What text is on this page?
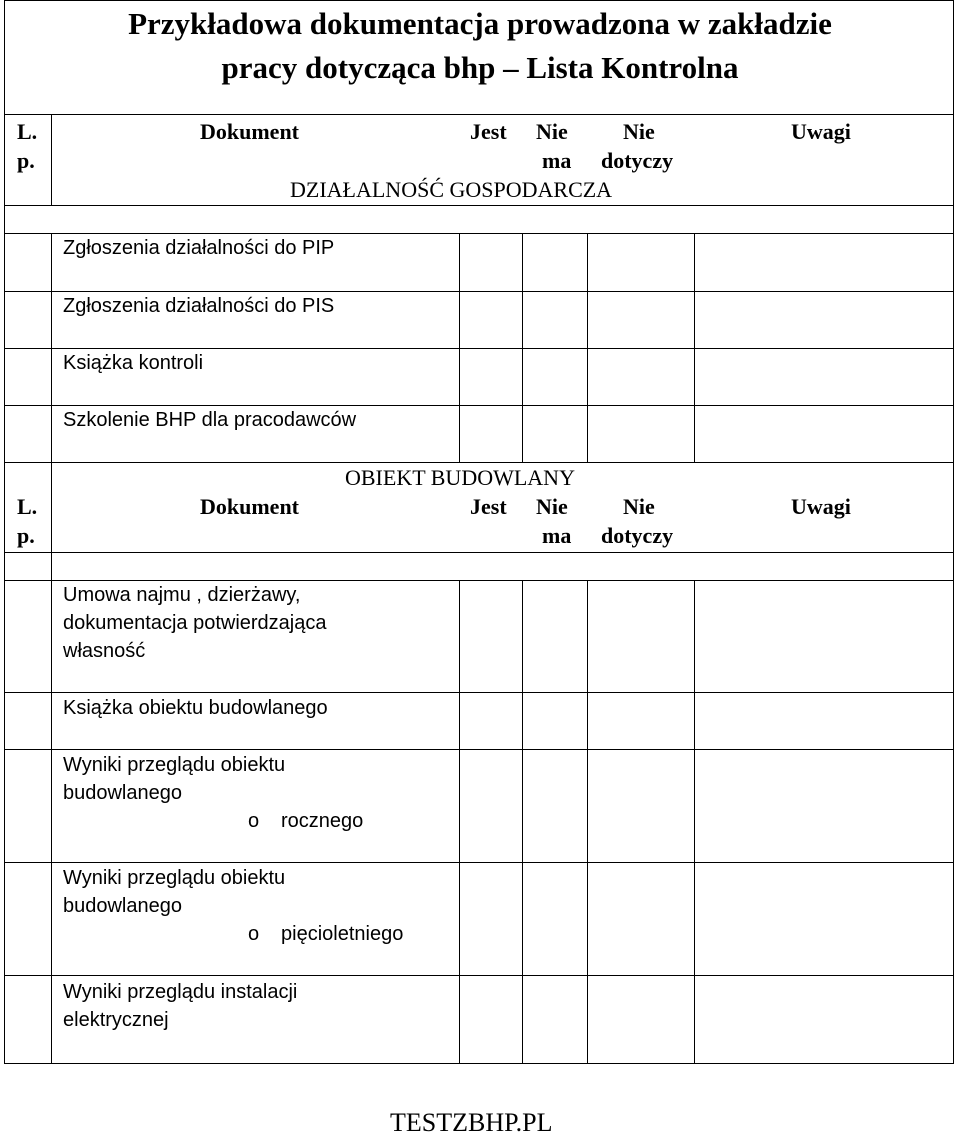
Przykładowa dokumentacja prowadzona w zakładzie
pracy dotycząca bhp – Lista Kontrolna
L.
p.
Dokument	Jest Nie
ma
Nie
dotyczy
Uwagi
DZIAŁALNOŚĆ GOSPODARCZA
Zgłoszenia działalności do PIP
Zgłoszenia działalności do PIS
Książka kontroli
Szkolenie BHP dla pracodawców
OBIEKT BUDOWLANY
L.
p.
Dokument	Jest Nie
ma
Nie
dotyczy
Uwagi
Umowa najmu , dzierżawy,
dokumentacja potwierdzająca
własność
Książka obiektu budowlanego
Wyniki przeglądu obiektu
budowlanego
o rocznego
Wyniki przeglądu obiektu
budowlanego
o pięcioletniego
Wyniki przeglądu instalacji
elektrycznej
TESTZBHP.PL
